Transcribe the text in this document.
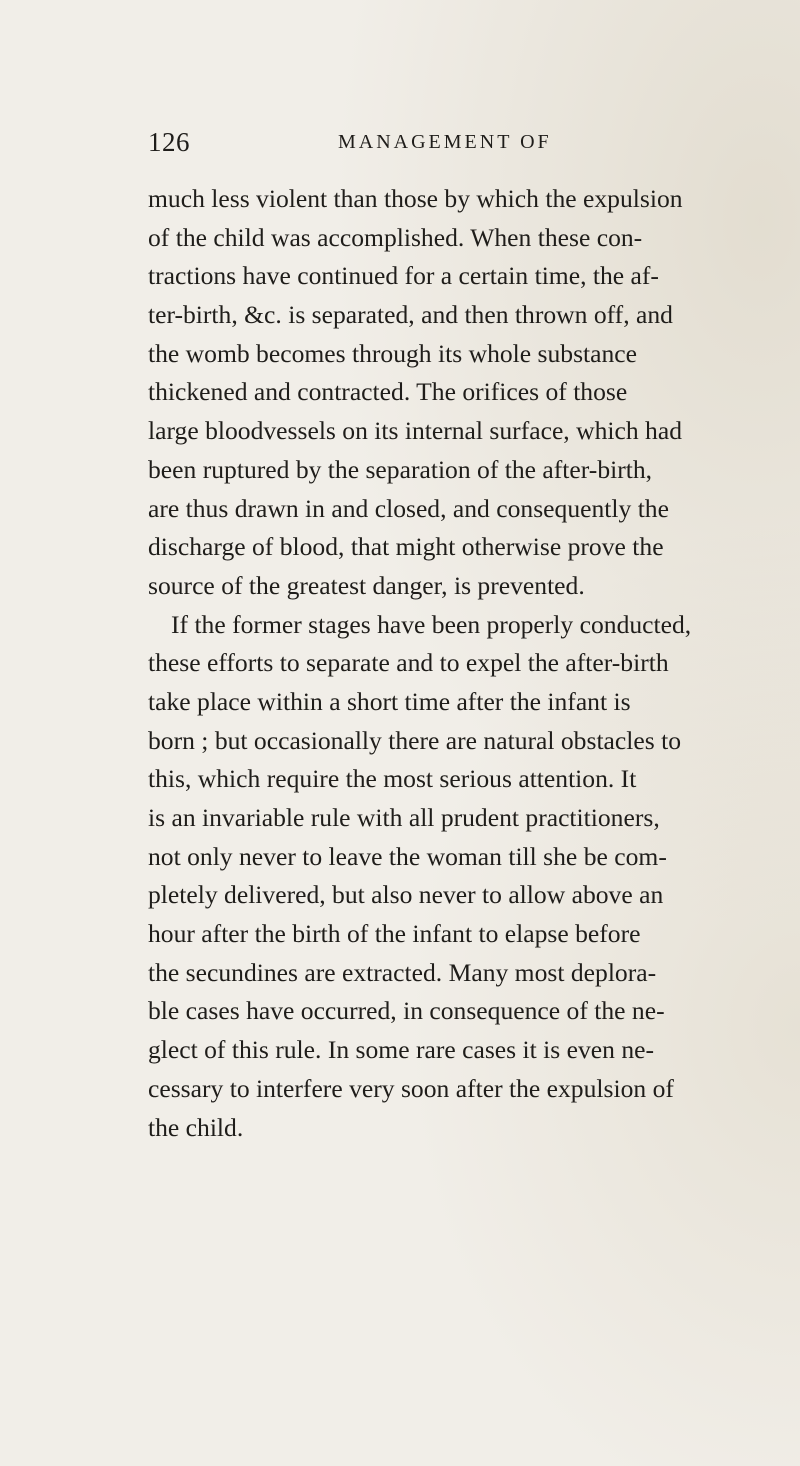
126	MANAGEMENT OF
much less violent than those by which the expulsion
of the child was accomplished. When these con-
tractions have continued for a certain time, the af-
ter-birth, &c. is separated, and then thrown off, and
the womb becomes through its whole substance
thickened and contracted. The orifices of those
large bloodvessels on its internal surface, which had
been ruptured by the separation of the after-birth,
are thus drawn in and closed, and consequently the
discharge of blood, that might otherwise prove the
source of the greatest danger, is prevented.
If the former stages have been properly conducted,
these efforts to separate and to expel the after-birth
take place within a short time after the infant is
born ; but occasionally there are natural obstacles to
this, which require the most serious attention. It
is an invariable rule with all prudent practitioners,
not only never to leave the woman till she be com-
pletely delivered, but also never to allow above an
hour after the birth of the infant to elapse before
the secundines are extracted. Many most deplora-
ble cases have occurred, in consequence of the ne-
glect of this rule. In some rare cases it is even ne-
cessary to interfere very soon after the expulsion of
the child.
